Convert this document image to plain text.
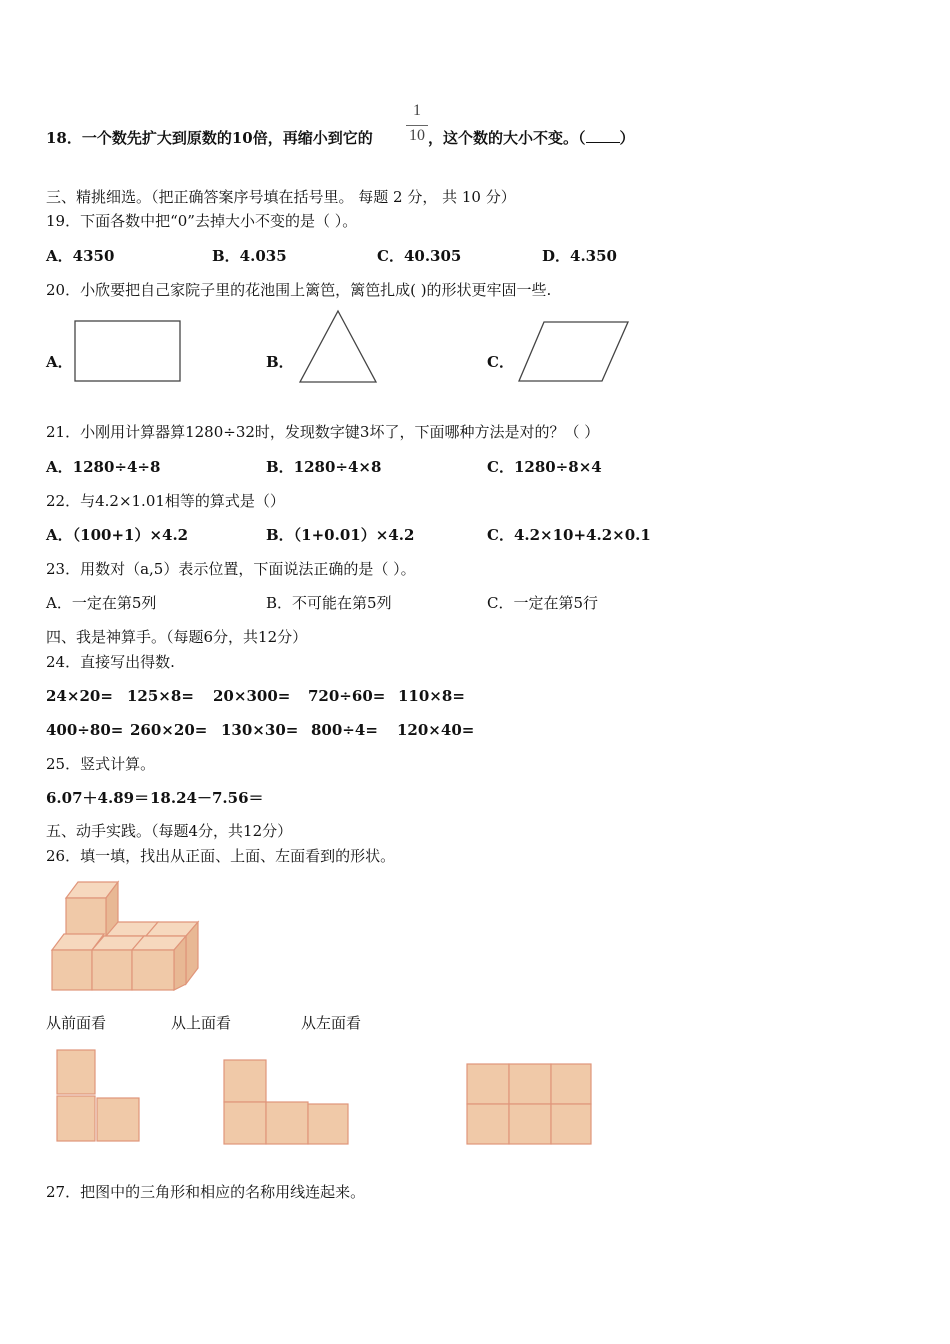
18．一个数先扩大到原数的10倍，再缩小到它的
1
10 ，这个数的大小不变。（ ）
三、精挑细选。（把正确答案序号填在括号里。 每题 2 分， 共 10 分）
19．下面各数中把“0”去掉大小不变的是（ ）。
A．4350	B．4.035	C．40.305	D．4.350
20．小欣要把自己家院子里的花池围上篱笆，篱笆扎成( )的形状更牢固一些.
A．	B．	C．
21．小刚用计算器算1280÷32时，发现数字键3坏了，下面哪种方法是对的？（ ）
A．1280÷4÷8	B．1280÷4×8	C．1280÷8×4
22．与4.2×1.01相等的算式是（）
A．（100+1）×4.2	B．（1+0.01）×4.2	C．4.2×10+4.2×0.1
23．用数对（a,5）表示位置，下面说法正确的是（ ）。
A．一定在第5列	B．不可能在第5列	C．一定在第5行
四、我是神算手。（每题6分，共12分）
24．直接写出得数.
24×20= 125×8= 20×300= 720÷60= 110×8=
400÷80= 260×20= 130×30= 800÷4= 120×40=
25．竖式计算。
6.07＋4.89＝ 18.24－7.56＝
五、动手实践。（每题4分，共12分）
26．填一填，找出从正面、上面、左面看到的形状。
从前面看	从上面看	从左面看
27．把图中的三角形和相应的名称用线连起来。
